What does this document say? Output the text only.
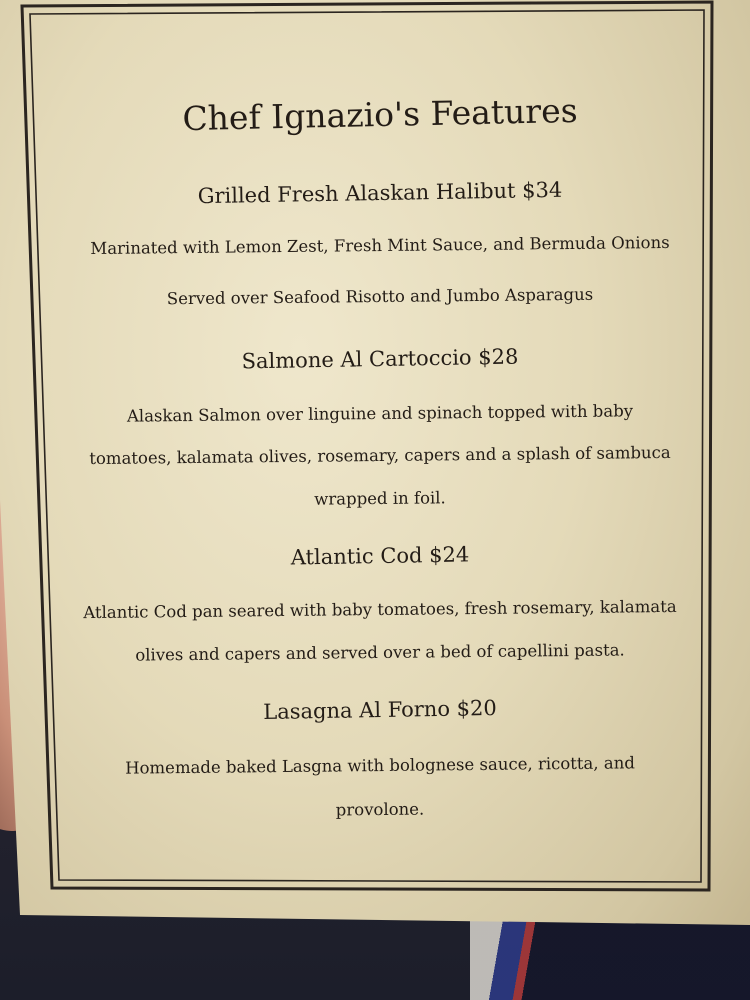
Chef Ignazio's Features
Grilled Fresh Alaskan Halibut $34
Marinated with Lemon Zest, Fresh Mint Sauce, and Bermuda Onions
Served over Seafood Risotto and Jumbo Asparagus
Salmone Al Cartoccio $28
Alaskan Salmon over linguine and spinach topped with baby
tomatoes, kalamata olives, rosemary, capers and a splash of sambuca
wrapped in foil.
Atlantic Cod $24
Atlantic Cod pan seared with baby tomatoes, fresh rosemary, kalamata
olives and capers and served over a bed of capellini pasta.
Lasagna Al Forno $20
Homemade baked Lasgna with bolognese sauce, ricotta, and
provolone.
